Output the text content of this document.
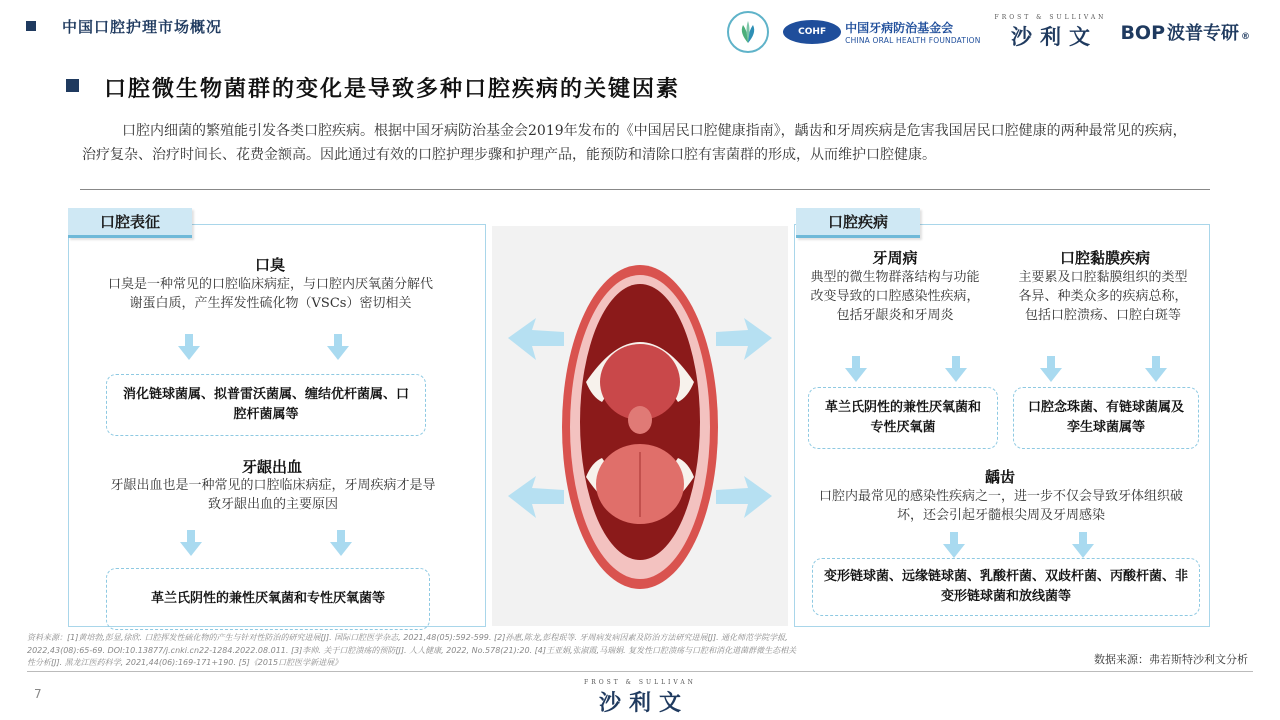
中国口腔护理市场概况	COHF	中国牙病防治基金会
CHINA ORAL HEALTH FOUNDATION
FROST & SULLIVAN
沙利文 BOP 波普专研 ®
口腔微生物菌群的变化是导致多种口腔疾病的关键因素

口腔内细菌的繁殖能引发各类口腔疾病。根据中国牙病防治基金会2019年发布的《中国居民口腔健康指南》，龋齿和牙周疾病是危害我国居民口腔健康的两种最常见的疾病，治疗复杂、治疗时间长、花费金额高。因此通过有效的口腔护理步骤和护理产品，能预防和清除口腔有害菌群的形成，从而维护口腔健康。

口腔表征
口臭
口臭是一种常见的口腔临床病症，与口腔内厌氧菌分解代谢蛋白质，产生挥发性硫化物（VSCs）密切相关
消化链球菌属、拟普雷沃菌属、缠结优杆菌属、口腔杆菌属等
牙龈出血
牙龈出血也是一种常见的口腔临床病症，牙周疾病才是导致牙龈出血的主要原因
革兰氏阴性的兼性厌氧菌和专性厌氧菌等
口腔疾病
牙周病
典型的微生物群落结构与功能改变导致的口腔感染性疾病，包括牙龈炎和牙周炎
革兰氏阴性的兼性厌氧菌和专性厌氧菌
口腔黏膜疾病
主要累及口腔黏膜组织的类型各异、种类众多的疾病总称，包括口腔溃疡、口腔白斑等
口腔念珠菌、有链球菌属及孪生球菌属等
龋齿
口腔内最常见的感染性疾病之一，进一步不仅会导致牙体组织破坏，还会引起牙髓根尖周及牙周感染
变形链球菌、远缘链球菌、乳酸杆菌、双歧杆菌、丙酸杆菌、非变形链球菌和放线菌等
资料来源：[1]黄培勃,彭显,徐欣. 口腔挥发性硫化物的产生与针对性防治的研究进展[J]. 国际口腔医学杂志, 2021,48(05):592-599. [2]孙惠,陈龙,彭程珉等. 牙周病发病因素及防治方法研究进展[J]. 通化师范学院学报, 2022,43(08):65-69. DOI:10.13877/j.cnki.cn22-1284.2022.08.011. [3]李帅. 关于口腔溃疡的预防[J]. 人人健康, 2022, No.578(21):20. [4]王亚娟,张淑霞,马瑞娟. 复发性口腔溃疡与口腔和消化道菌群微生态相关性分析[J]. 黑龙江医药科学, 2021,44(06):169-171+190. [5]《2015口腔医学新进展》	数据来源：弗若斯特沙利文分析
7
FROST & SULLIVAN
沙利文
